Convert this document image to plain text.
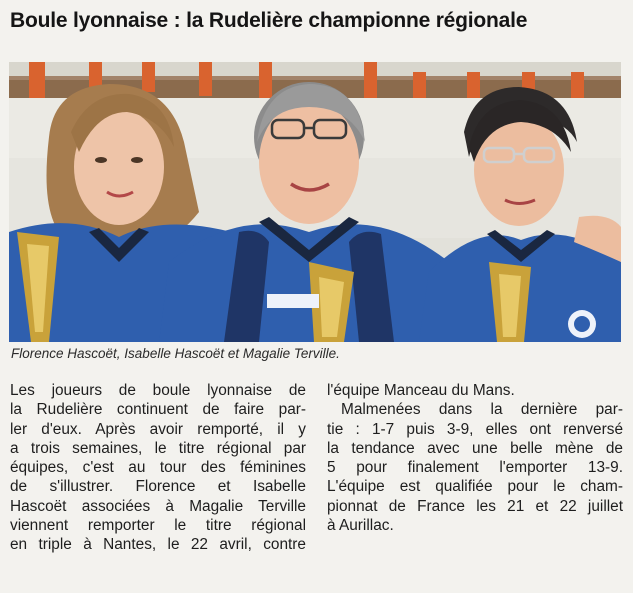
Boule lyonnaise : la Rudelière championne régionale
Florence Hascoët, Isabelle Hascoët et Magalie Terville.
Les joueurs de boule lyonnaise de
la Rudelière continuent de faire par-
ler d'eux. Après avoir remporté, il y
a trois semaines, le titre régional par
équipes, c'est au tour des féminines
de s'illustrer. Florence et Isabelle
Hascoët associées à Magalie Terville
viennent remporter le titre régional
en triple à Nantes, le 22 avril, contre
l'équipe Manceau du Mans.
Malmenées dans la dernière par-
tie : 1-7 puis 3-9, elles ont renversé
la tendance avec une belle mène de
5 pour finalement l'emporter 13-9.
L'équipe est qualifiée pour le cham-
pionnat de France les 21 et 22 juillet
à Aurillac.
